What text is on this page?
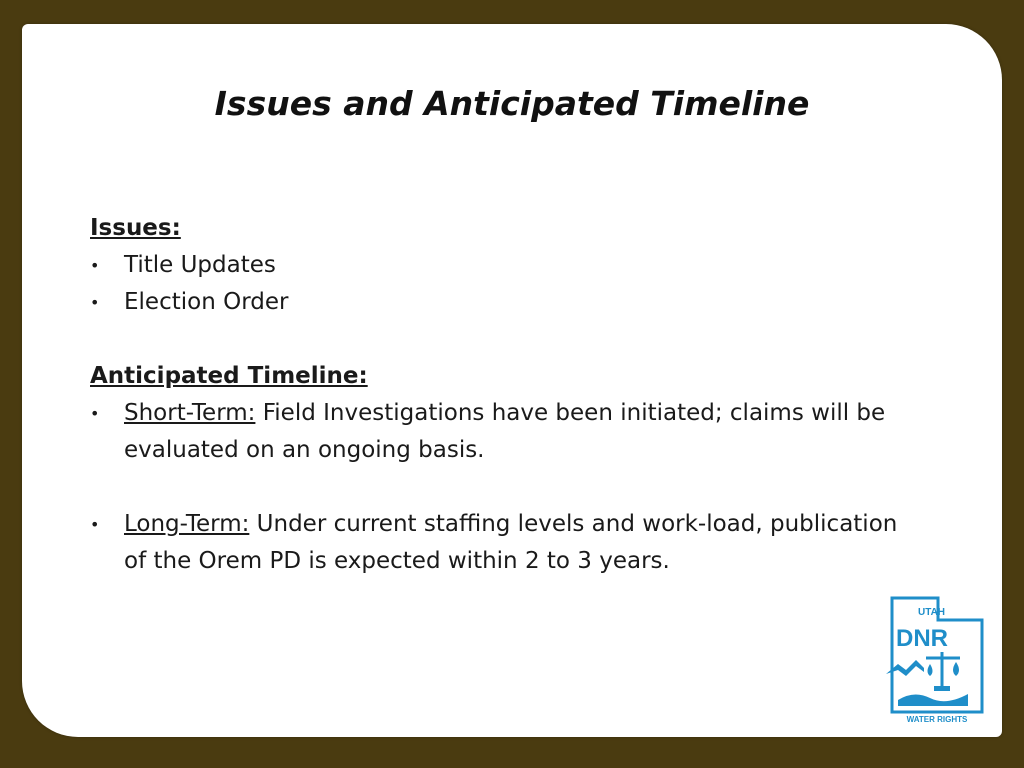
Issues and Anticipated Timeline
Issues:
• Title Updates
• Election Order
Anticipated Timeline:
• Short-Term: Field Investigations have been initiated; claims will be evaluated on an ongoing basis.
• Long-Term: Under current staffing levels and work-load, publication of the Orem PD is expected within 2 to 3 years.
UTAH
DNR
WATER RIGHTS
